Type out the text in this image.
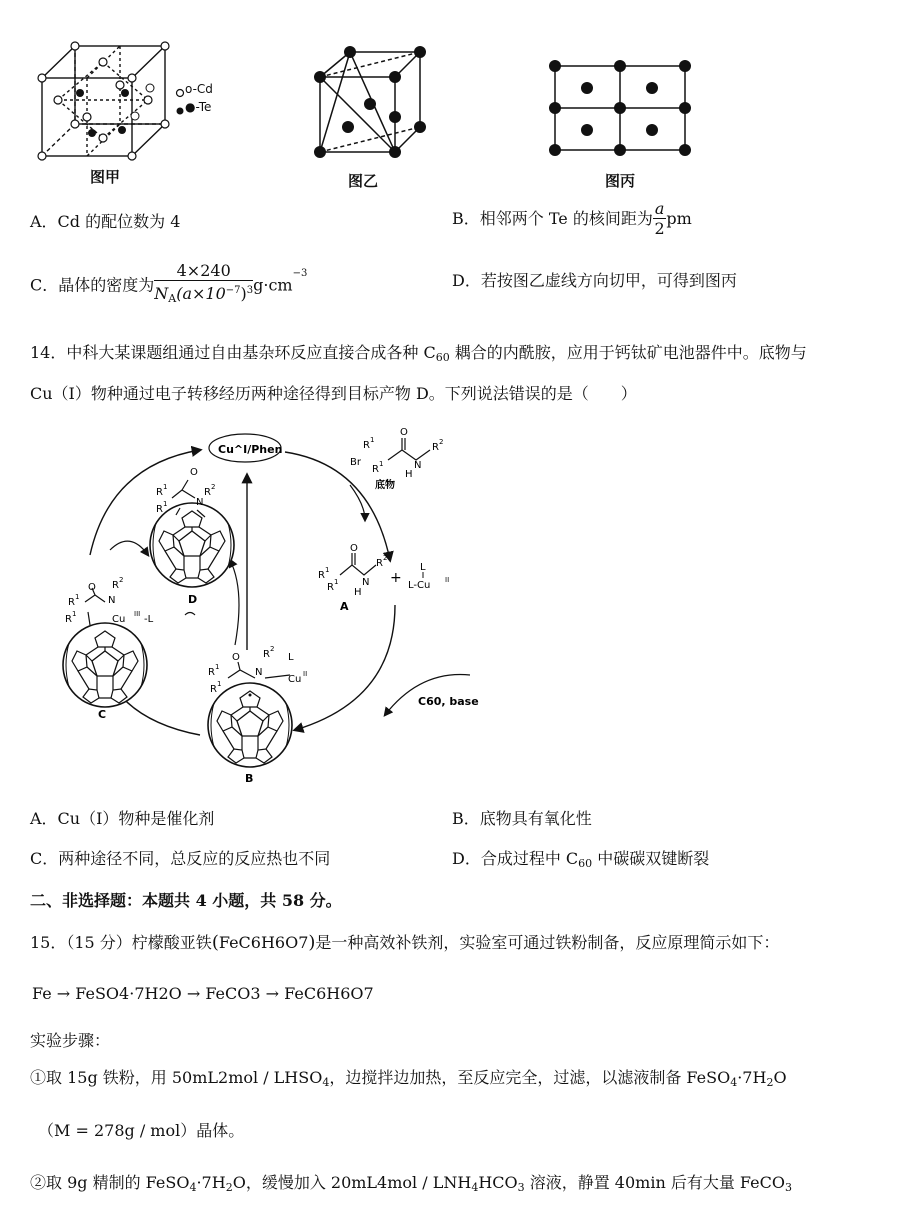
o-Cd
●-Te
图甲	图乙	图丙
A．Cd 的配位数为 4	B．相邻两个 Te 的核间距为 $\frac{a}{2}$ pm
C．晶体的密度为 $\frac{4\times 240}{N_A(a\times 10^{-7})^3} g\cdot cm^{-3}$	D．若按图乙虚线方向切甲，可得到图丙
14．中科大某课题组通过自由基杂环反应直接合成各种 $C_{60}$ 耦合的内酰胺，应用于钙钛矿电池器件中。底物与
Cu（I）物种通过电子转移经历两种途径得到目标产物 D。下列说法错误的是（　　）
Cu^I/Phen	R 1
Br
R 1
O
N
H
R 2
底物
R 1
R 1
O
N
H
R 2
A
+
L
L-Cu II
C60, base
R 1
R 1
O
N
R 2
D
R 1
R 1
O
N
R 2
Cu III -L
C
R 1
R 1
O
N
R 2
L
Cu II
B
A．Cu（I）物种是催化剂	B．底物具有氧化性
C．两种途径不同，总反应的反应热也不同	D．合成过程中 $C_{60}$ 中碳碳双键断裂
二、非选择题：本题共 4 小题，共 58 分。
15．（15 分）柠檬酸亚铁(FeC6H6O7)是一种高效补铁剂，实验室可通过铁粉制备，反应原理简示如下：
Fe → FeSO4·7H2O → FeCO3 → FeC6H6O7
实验步骤：
①取 15g 铁粉，用 $50mL2mol / LHSO_4$，边搅拌边加热，至反应完全，过滤，以滤液制备 $FeSO_4\cdot 7H_2O$
（M = 278g / mol）晶体。
②取 9g 精制的 $FeSO_4\cdot 7H_2O$，缓慢加入 $20mL4mol / LNH_4HCO_3$ 溶液，静置 40min 后有大量 FeCO$_3$
